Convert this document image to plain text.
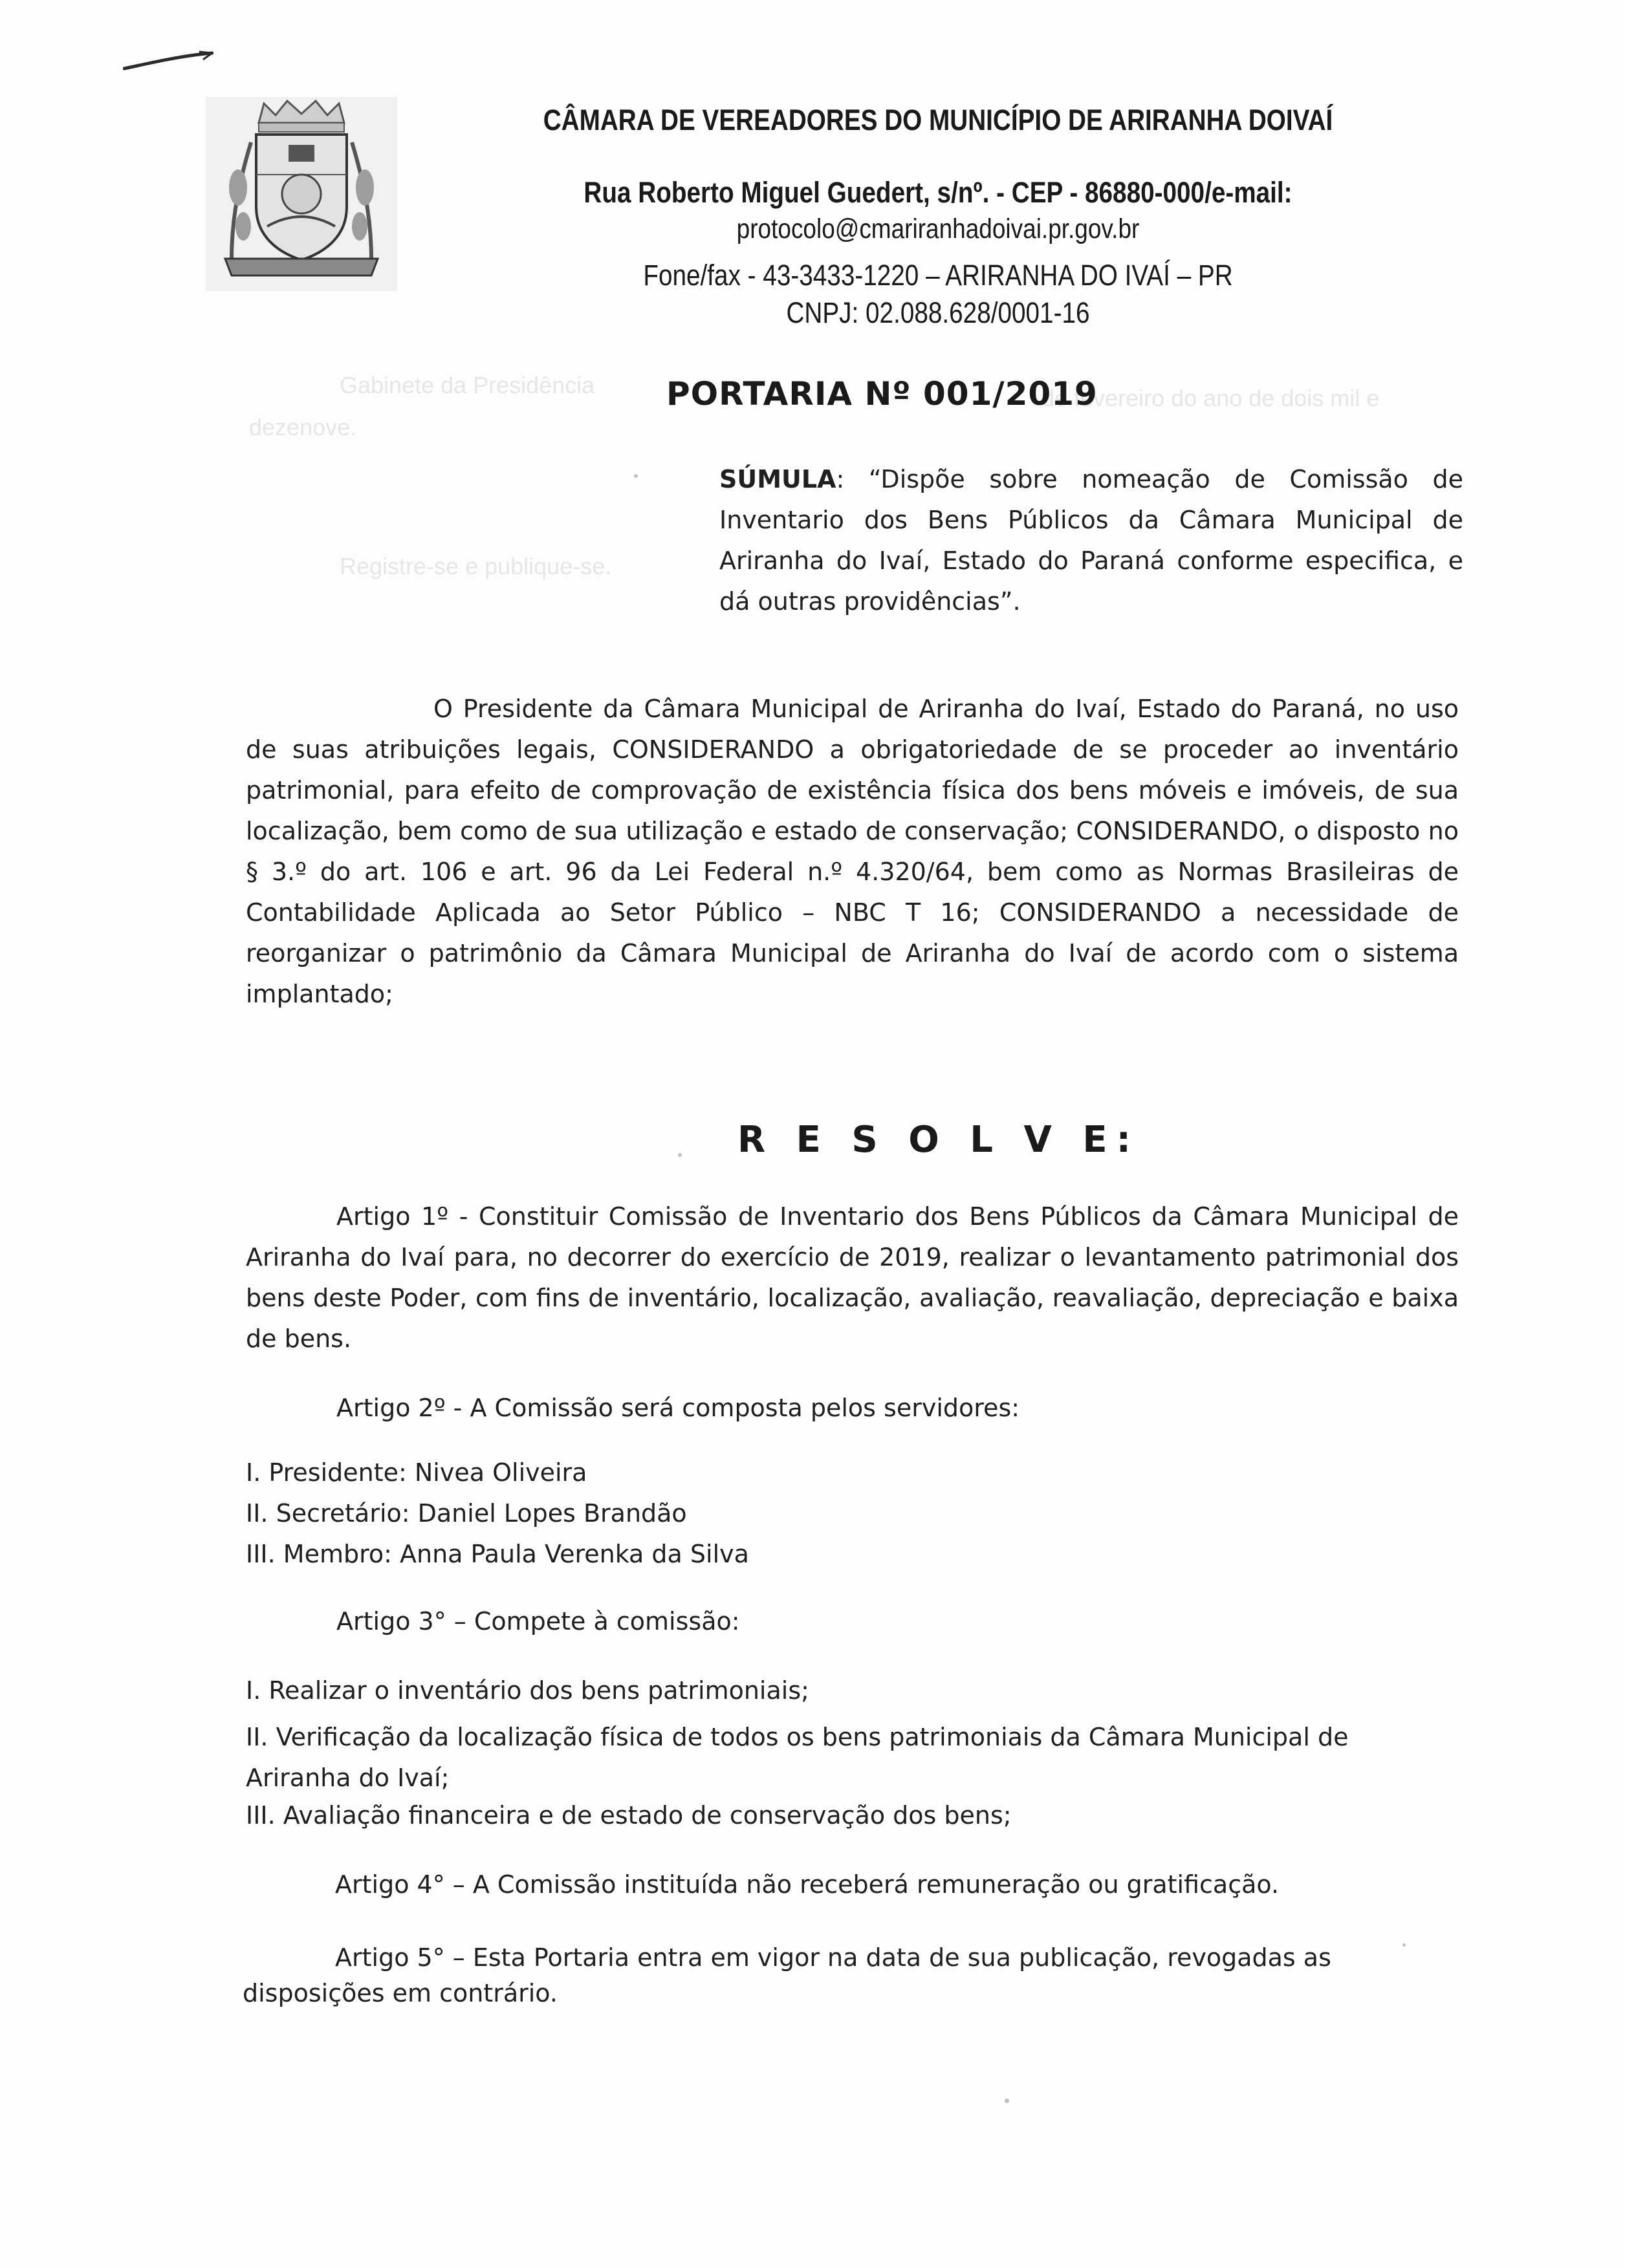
CÂMARA DE VEREADORES DO MUNICÍPIO DE ARIRANHA DOIVAÍ
Rua Roberto Miguel Guedert, s/nº. - CEP - 86880-000/e-mail:
protocolo@cmariranhadoivai.pr.gov.br
Fone/fax - 43-3433-1220 – ARIRANHA DO IVAÍ – PR
CNPJ: 02.088.628/0001-16
Gabinete da Presidência	de fevereiro do ano de dois mil e
dezenove.
Registre-se e publique-se.
PORTARIA Nº 001/2019
SÚMULA: “Dispõe sobre nomeação de Comissão de Inventario dos Bens Públicos da Câmara Municipal de Ariranha do Ivaí, Estado do Paraná conforme especifica, e dá outras providências”.
O Presidente da Câmara Municipal de Ariranha do Ivaí, Estado do Paraná, no uso de suas atribuições legais, CONSIDERANDO a obrigatoriedade de se proceder ao inventário patrimonial, para efeito de comprovação de existência física dos bens móveis e imóveis, de sua localização, bem como de sua utilização e estado de conservação; CONSIDERANDO, o disposto no § 3.º do art. 106 e art. 96 da Lei Federal n.º 4.320/64, bem como as Normas Brasileiras de Contabilidade Aplicada ao Setor Público – NBC T 16; CONSIDERANDO a necessidade de reorganizar o patrimônio da Câmara Municipal de Ariranha do Ivaí de acordo com o sistema implantado;
R E S O L V E:
Artigo 1º - Constituir Comissão de Inventario dos Bens Públicos da Câmara Municipal de Ariranha do Ivaí para, no decorrer do exercício de 2019, realizar o levantamento patrimonial dos bens deste Poder, com fins de inventário, localização, avaliação, reavaliação, depreciação e baixa de bens.
Artigo 2º - A Comissão será composta pelos servidores:
I. Presidente: Nivea Oliveira
II. Secretário: Daniel Lopes Brandão
III. Membro: Anna Paula Verenka da Silva
Artigo 3° – Compete à comissão:
I. Realizar o inventário dos bens patrimoniais;
II. Verificação da localização física de todos os bens patrimoniais da Câmara Municipal de Ariranha do Ivaí;
III. Avaliação financeira e de estado de conservação dos bens;
Artigo 4° – A Comissão instituída não receberá remuneração ou gratificação.
Artigo 5° – Esta Portaria entra em vigor na data de sua publicação, revogadas as
disposições em contrário.
